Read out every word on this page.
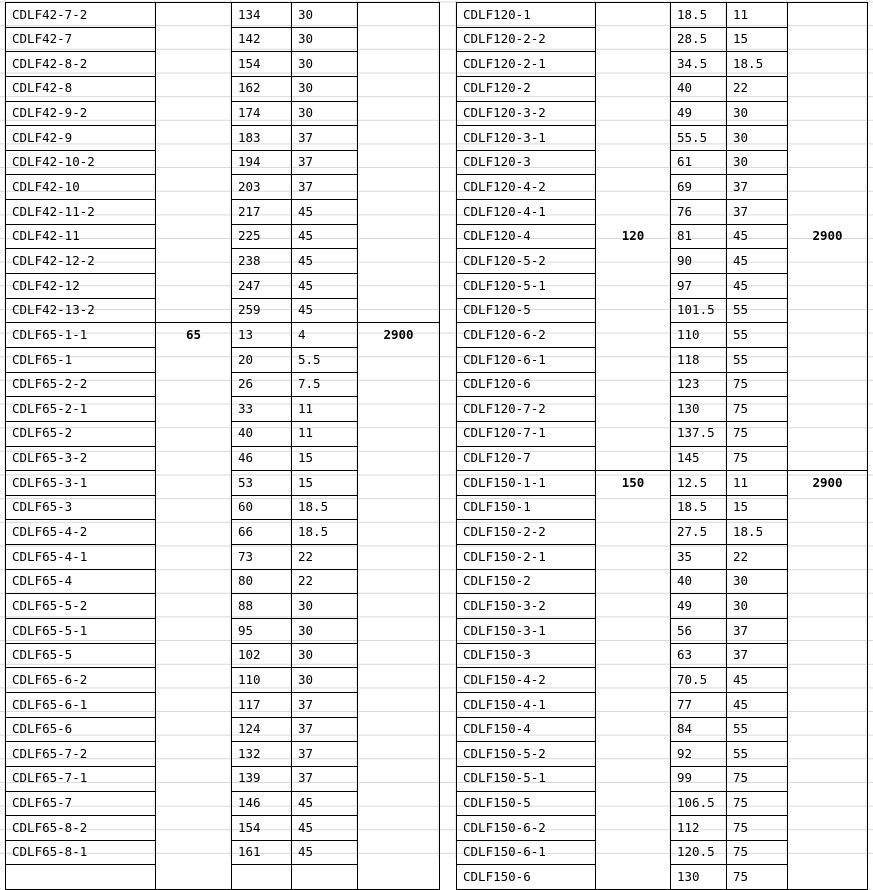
CDLF42-7-2		134	30	
CDLF42-7		142	30	
CDLF42-8-2		154	30	
CDLF42-8		162	30	
CDLF42-9-2		174	30	
CDLF42-9		183	37	
CDLF42-10-2		194	37	
CDLF42-10		203	37	
CDLF42-11-2		217	45	
CDLF42-11		225	45	
CDLF42-12-2		238	45	
CDLF42-12		247	45	
CDLF42-13-2		259	45	
CDLF65-1-1	65	13	4	2900
CDLF65-1		20	5.5	
CDLF65-2-2		26	7.5	
CDLF65-2-1		33	11	
CDLF65-2		40	11	
CDLF65-3-2		46	15	
CDLF65-3-1		53	15	
CDLF65-3		60	18.5	
CDLF65-4-2		66	18.5	
CDLF65-4-1		73	22	
CDLF65-4		80	22	
CDLF65-5-2		88	30	
CDLF65-5-1		95	30	
CDLF65-5		102	30	
CDLF65-6-2		110	30	
CDLF65-6-1		117	37	
CDLF65-6		124	37	
CDLF65-7-2		132	37	
CDLF65-7-1		139	37	
CDLF65-7		146	45	
CDLF65-8-2		154	45	
CDLF65-8-1		161	45	

CDLF120-1		18.5	11	
CDLF120-2-2		28.5	15	
CDLF120-2-1		34.5	18.5	
CDLF120-2		40	22	
CDLF120-3-2		49	30	
CDLF120-3-1		55.5	30	
CDLF120-3		61	30	
CDLF120-4-2		69	37	
CDLF120-4-1		76	37	
CDLF120-4	120	81	45	2900
CDLF120-5-2		90	45	
CDLF120-5-1		97	45	
CDLF120-5		101.5	55	
CDLF120-6-2		110	55	
CDLF120-6-1		118	55	
CDLF120-6		123	75	
CDLF120-7-2		130	75	
CDLF120-7-1		137.5	75	
CDLF120-7		145	75	
CDLF150-1-1	150	12.5	11	2900
CDLF150-1		18.5	15	
CDLF150-2-2		27.5	18.5	
CDLF150-2-1		35	22	
CDLF150-2		40	30	
CDLF150-3-2		49	30	
CDLF150-3-1		56	37	
CDLF150-3		63	37	
CDLF150-4-2		70.5	45	
CDLF150-4-1		77	45	
CDLF150-4		84	55	
CDLF150-5-2		92	55	
CDLF150-5-1		99	75	
CDLF150-5		106.5	75	
CDLF150-6-2		112	75	
CDLF150-6-1		120.5	75	
CDLF150-6		130	75	
